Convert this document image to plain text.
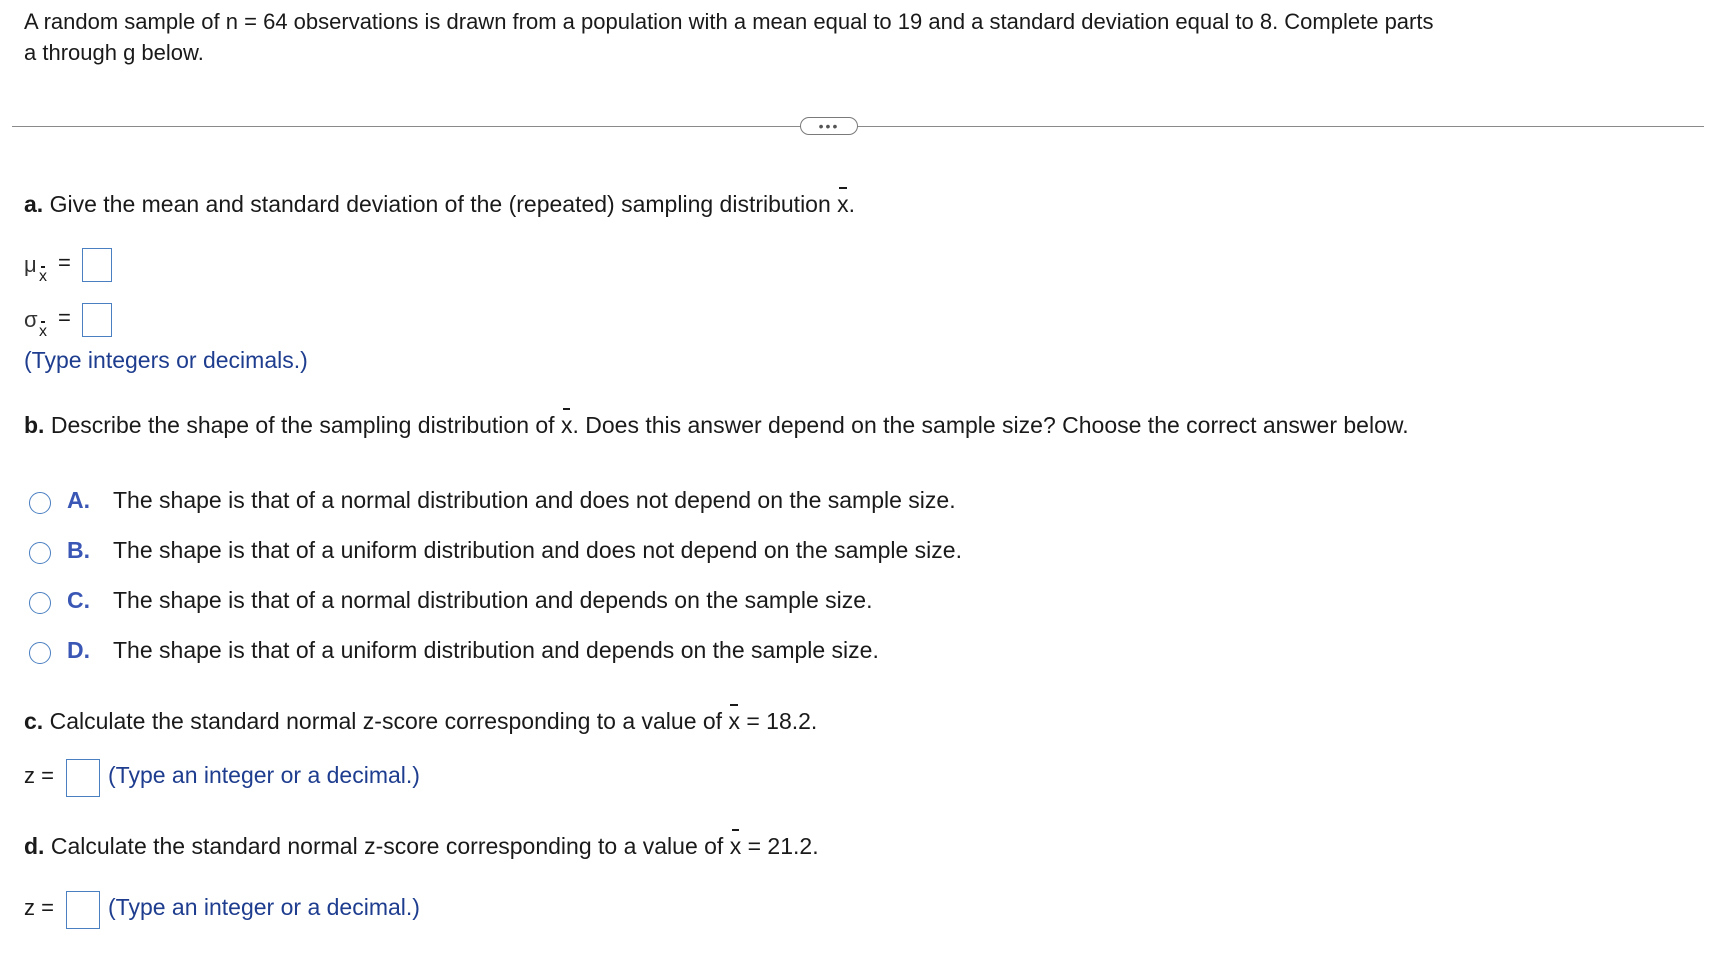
A random sample of n = 64 observations is drawn from a population with a mean equal to 19 and a standard deviation equal to 8. Complete parts
a through g below.
•••
a. Give the mean and standard deviation of the (repeated) sampling distribution x.
μ x
=
σ x
=
(Type integers or decimals.)
b. Describe the shape of the sampling distribution of x. Does this answer depend on the sample size? Choose the correct answer below.
A. The shape is that of a normal distribution and does not depend on the sample size.
B. The shape is that of a uniform distribution and does not depend on the sample size.
C. The shape is that of a normal distribution and depends on the sample size.
D. The shape is that of a uniform distribution and depends on the sample size.
c. Calculate the standard normal z-score corresponding to a value of x = 18.2.
z = (Type an integer or a decimal.)
d. Calculate the standard normal z-score corresponding to a value of x = 21.2.
z = (Type an integer or a decimal.)
